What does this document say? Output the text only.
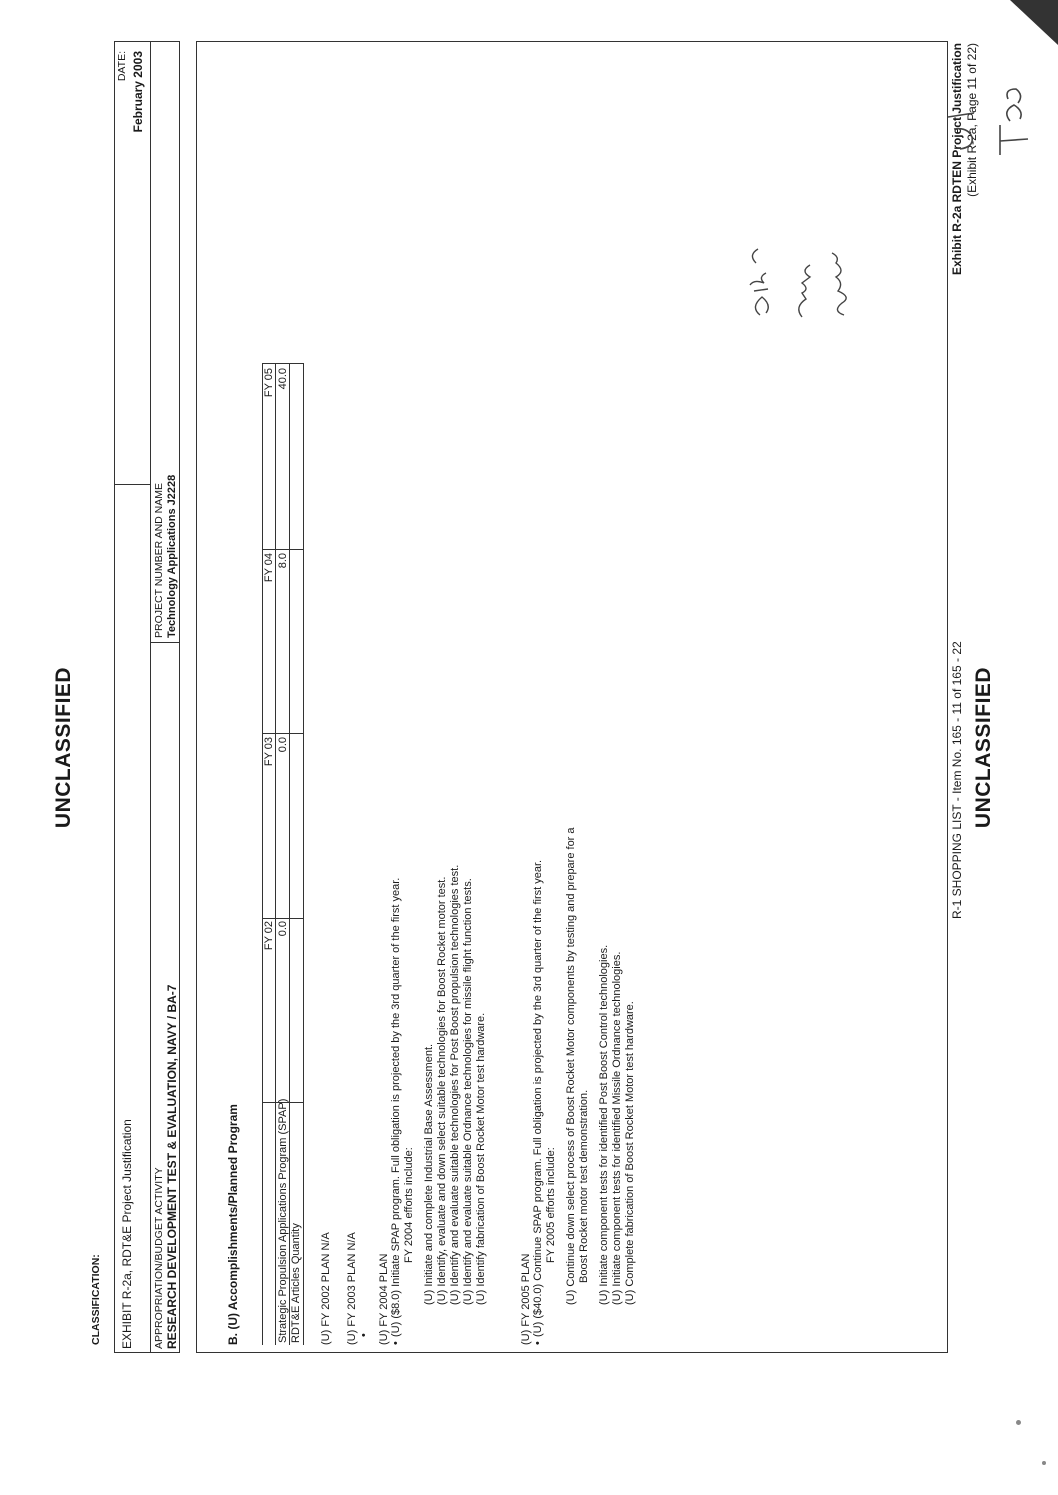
UNCLASSIFIED
CLASSIFICATION: EXHIBIT R-2a, RDT&E Project Justification
DATE: February 2003
APPROPRIATION/BUDGET ACTIVITY RESEARCH DEVELOPMENT TEST & EVALUATION, NAVY / BA-7
PROJECT NUMBER AND NAME Technology Applications J2228
B. (U) Accomplishments/Planned Program
FY 02
FY 03
FY 04
FY 05
Strategic Propulsion Applications Program (SPAP)
0.0
0.0
8.0
40.0
RDT&E Articles Quantity (U) FY 2002 PLAN N/A (U) FY 2003 PLAN N/A • (U) FY 2004 PLAN •
(U) ($8.0) Initiate SPAP program. Full obligation is projected by the 3rd quarter of the first year. FY 2004 efforts include: (U) Initiate and complete Industrial Base Assessment. (U) Identify, evaluate and down select suitable technologies for Boost Rocket motor test. (U) Identify and evaluate suitable technologies for Post Boost propulsion technologies test. (U) Identify and evaluate suitable Ordnance technologies for missile flight function tests. (U) Identify fabrication of Boost Rocket Motor test hardware.	(U) FY 2005 PLAN •
(U) ($40.0) Continue SPAP program. Full obligation is projected by the 3rd quarter of the first year. FY 2005 efforts include: (U) Continue down select process of Boost Rocket Motor components by testing and prepare for a Boost Rocket motor test demonstration. (U) Initiate component tests for identified Post Boost Control technologies. (U) Initiate component tests for identified Missile Ordnance technologies. (U) Complete fabrication of Boost Rocket Motor test hardware.
R-1 SHOPPING LIST - Item No. 165 - 11 of 165 - 22
Exhibit R-2a RDTEN Project Justification (Exhibit R-2a, Page 11 of 22)
UNCLASSIFIED
